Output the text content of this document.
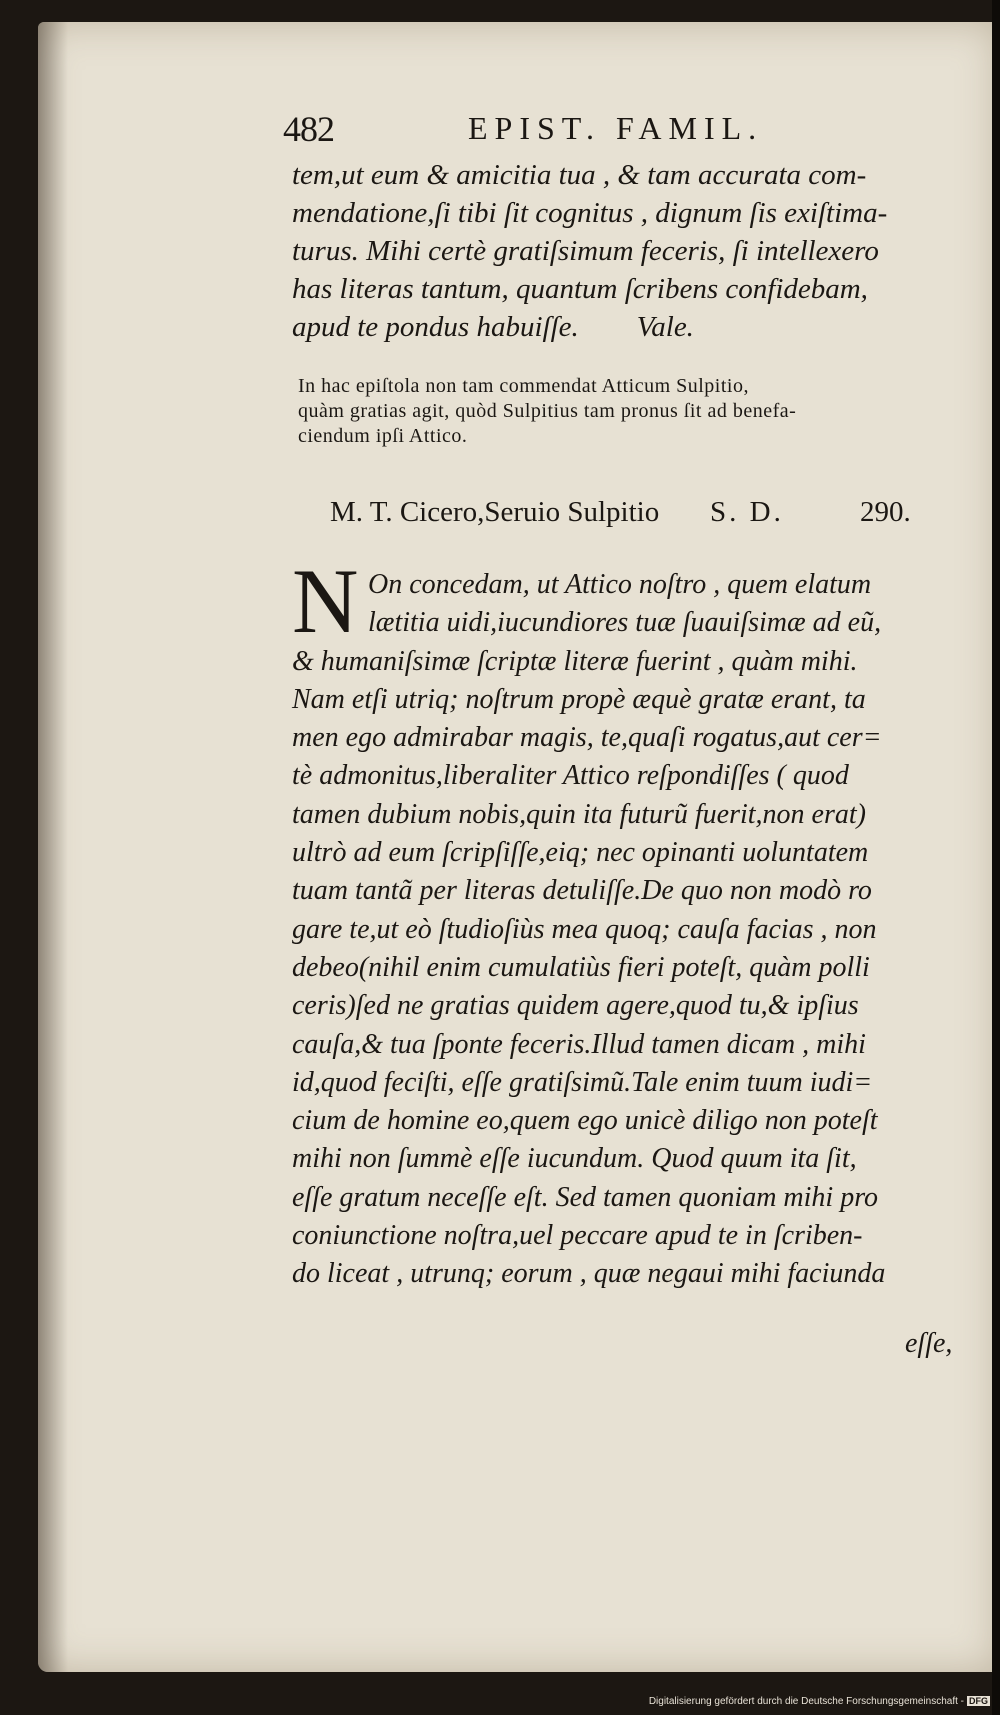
482	EPIST. FAMIL.
tem,ut eum & amicitia tua , & tam accurata com-
mendatione,ſi tibi ſit cognitus , dignum ſis exiſtima-
turus. Mihi certè gratiſsimum feceris, ſi intellexero
has literas tantum, quantum ſcribens confidebam,
apud te pondus habuiſſe.        Vale.
In hac epiſtola non tam commendat Atticum Sulpitio,
quàm gratias agit, quòd Sulpitius tam pronus ſit ad benefa-
ciendum ipſi Attico.
M. T. Cicero,Seruio Sulpitio S. D.	290.
N On concedam, ut Attico noſtro , quem elatum
lætitia uidi,iucundiores tuæ ſuauiſsimæ ad eũ,
& humaniſsimæ ſcriptæ literæ fuerint , quàm mihi.
Nam etſi utriq; noſtrum propè æquè gratæ erant, ta
men ego admirabar magis, te,quaſi rogatus,aut cer=
tè admonitus,liberaliter Attico reſpondiſſes ( quod
tamen dubium nobis,quin ita futurũ fuerit,non erat)
ultrò ad eum ſcripſiſſe,eiq; nec opinanti uoluntatem
tuam tantã per literas detuliſſe.De quo non modò ro
gare te,ut eò ſtudioſiùs mea quoq; cauſa facias , non
debeo(nihil enim cumulatiùs fieri poteſt, quàm polli
ceris)ſed ne gratias quidem agere,quod tu,& ipſius
cauſa,& tua ſponte feceris.Illud tamen dicam , mihi
id,quod feciſti, eſſe gratiſsimũ.Tale enim tuum iudi=
cium de homine eo,quem ego unicè diligo non poteſt
mihi non ſummè eſſe iucundum. Quod quum ita ſit,
eſſe gratum neceſſe eſt. Sed tamen quoniam mihi pro
coniunctione noſtra,uel peccare apud te in ſcriben-
do liceat , utrunq; eorum , quæ negaui mihi faciunda
eſſe,
Digitalisierung gefördert durch die Deutsche Forschungsgemeinschaft - DFG
